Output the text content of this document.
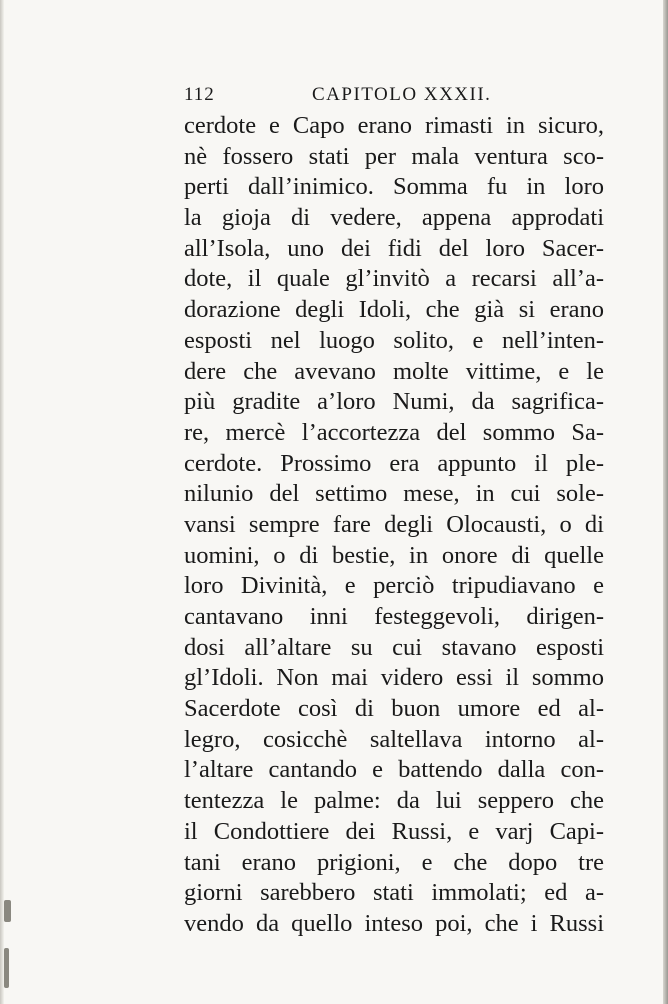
112	CAPITOLO XXXII.
cerdote e Capo erano rimasti in sicuro,
nè fossero stati per mala ventura sco-
perti dall’inimico. Somma fu in loro
la gioja di vedere, appena approdati
all’Isola, uno dei fidi del loro Sacer-
dote, il quale gl’invitò a recarsi all’a-
dorazione degli Idoli, che già si erano
esposti nel luogo solito, e nell’inten-
dere che avevano molte vittime, e le
più gradite a’loro Numi, da sagrifica-
re, mercè l’accortezza del sommo Sa-
cerdote. Prossimo era appunto il ple-
nilunio del settimo mese, in cui sole-
vansi sempre fare degli Olocausti, o di
uomini, o di bestie, in onore di quelle
loro Divinità, e perciò tripudiavano e
cantavano inni festeggevoli, dirigen-
dosi all’altare su cui stavano esposti
gl’Idoli. Non mai videro essi il sommo
Sacerdote così di buon umore ed al-
legro, cosicchè saltellava intorno al-
l’altare cantando e battendo dalla con-
tentezza le palme: da lui seppero che
il Condottiere dei Russi, e varj Capi-
tani erano prigioni, e che dopo tre
giorni sarebbero stati immolati; ed a-
vendo da quello inteso poi, che i Russi
